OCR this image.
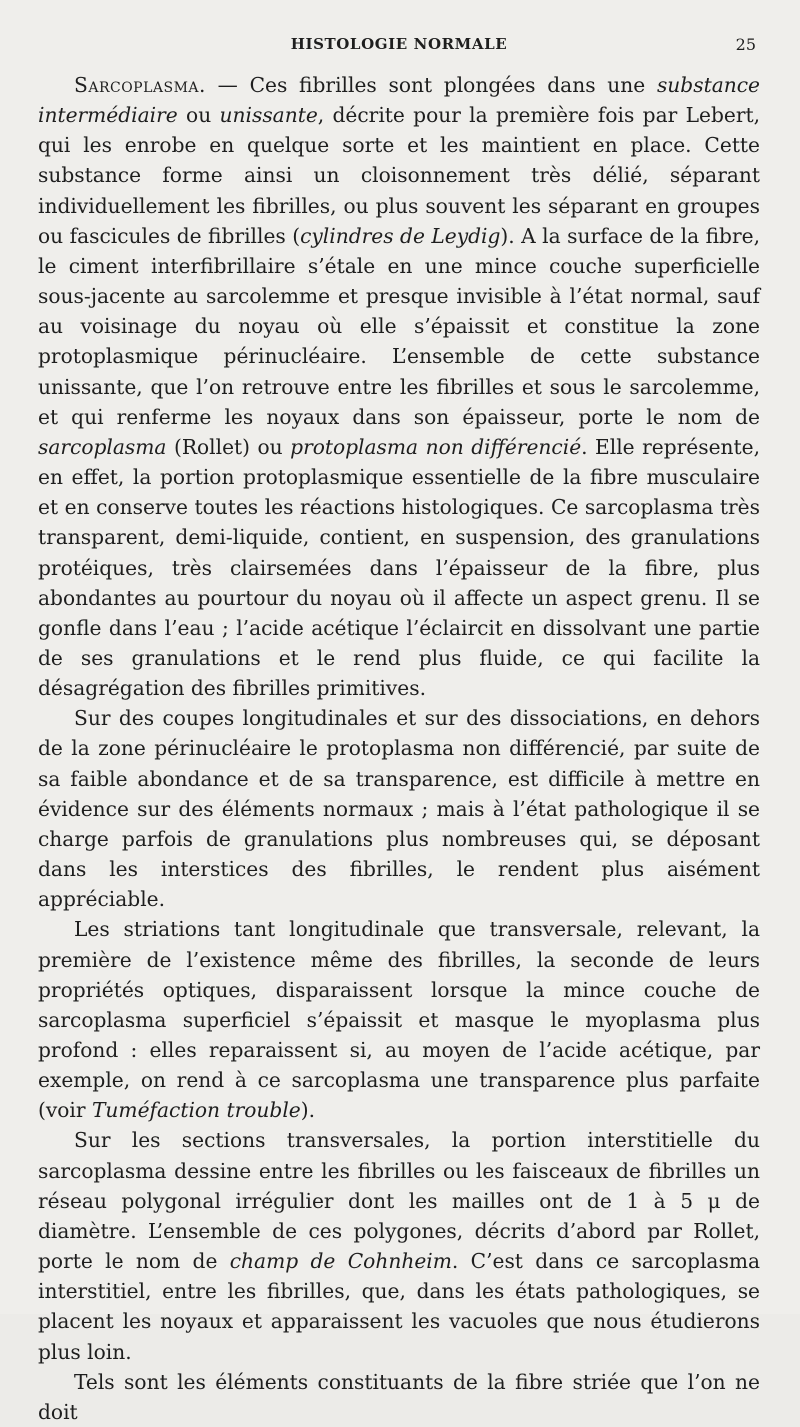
HISTOLOGIE NORMALE	25

Sarcoplasma. — Ces fibrilles sont plongées dans une substance intermédiaire ou unissante, décrite pour la première fois par Lebert, qui les enrobe en quelque sorte et les maintient en place. Cette substance forme ainsi un cloisonnement très délié, séparant individuellement les fibrilles, ou plus souvent les séparant en groupes ou fascicules de fibrilles (cylindres de Leydig). A la surface de la fibre, le ciment interfibrillaire s’étale en une mince couche superficielle sous-jacente au sarcolemme et presque invisible à l’état normal, sauf au voisinage du noyau où elle s’épaissit et constitue la zone protoplasmique périnucléaire. L’ensemble de cette substance unissante, que l’on retrouve entre les fibrilles et sous le sarcolemme, et qui renferme les noyaux dans son épaisseur, porte le nom de sarcoplasma (Rollet) ou protoplasma non différencié. Elle représente, en effet, la portion protoplasmique essentielle de la fibre musculaire et en conserve toutes les réactions histologiques. Ce sarcoplasma très transparent, demi-liquide, contient, en suspension, des granulations protéiques, très clairsemées dans l’épaisseur de la fibre, plus abondantes au pourtour du noyau où il affecte un aspect grenu. Il se gonfle dans l’eau ; l’acide acétique l’éclaircit en dissolvant une partie de ses granulations et le rend plus fluide, ce qui facilite la désagrégation des fibrilles primitives.

Sur des coupes longitudinales et sur des dissociations, en dehors de la zone périnucléaire le protoplasma non différencié, par suite de sa faible abondance et de sa transparence, est difficile à mettre en évidence sur des éléments normaux ; mais à l’état pathologique il se charge parfois de granulations plus nombreuses qui, se déposant dans les interstices des fibrilles, le rendent plus aisément appréciable.

Les striations tant longitudinale que transversale, relevant, la première de l’existence même des fibrilles, la seconde de leurs propriétés optiques, disparaissent lorsque la mince couche de sarcoplasma superficiel s’épaissit et masque le myoplasma plus profond : elles reparaissent si, au moyen de l’acide acétique, par exemple, on rend à ce sarcoplasma une transparence plus parfaite (voir Tuméfaction trouble).

Sur les sections transversales, la portion interstitielle du sarcoplasma dessine entre les fibrilles ou les faisceaux de fibrilles un réseau polygonal irrégulier dont les mailles ont de 1 à 5 μ de diamètre. L’ensemble de ces polygones, décrits d’abord par Rollet, porte le nom de champ de Cohnheim. C’est dans ce sarcoplasma interstitiel, entre les fibrilles, que, dans les états pathologiques, se placent les noyaux et apparaissent les vacuoles que nous étudierons plus loin.

Tels sont les éléments constituants de la fibre striée que l’on ne doit
